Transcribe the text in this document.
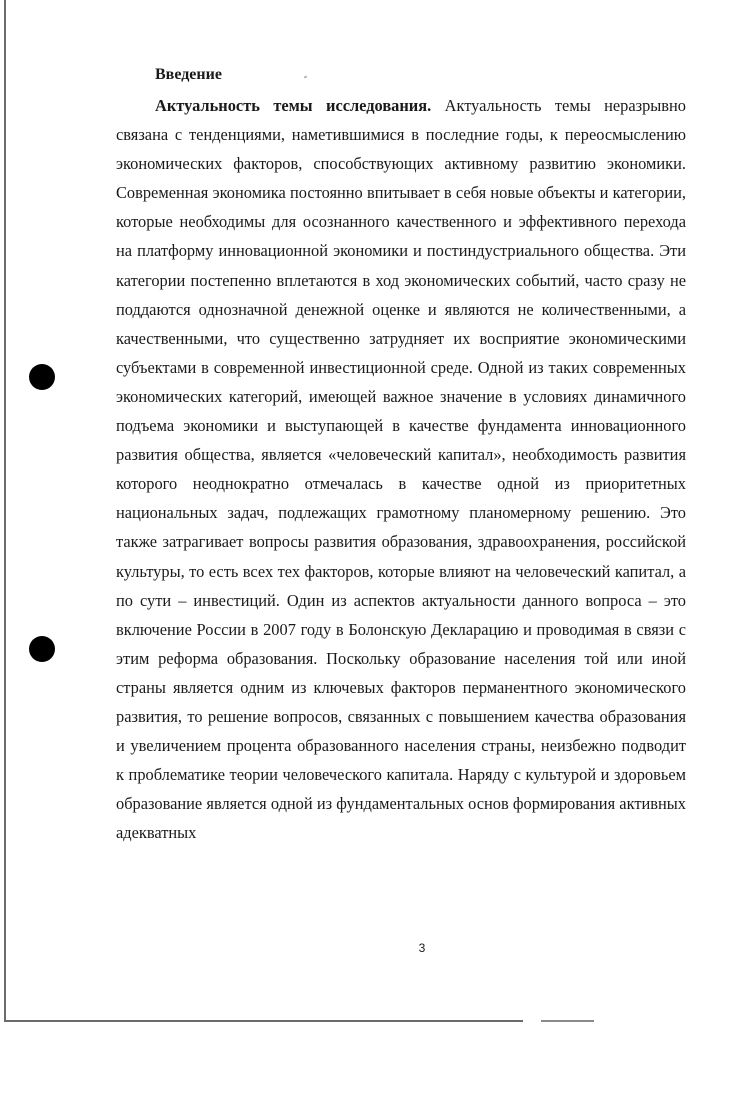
Введение

Актуальность темы исследования. Актуальность темы неразрывно связана с тенденциями, наметившимися в последние годы, к переосмыслению экономических факторов, способствующих активному развитию экономики. Современная экономика постоянно впитывает в себя новые объекты и категории, которые необходимы для осознанного качественного и эффективного перехода на платформу инновационной экономики и постиндустриального общества. Эти категории постепенно вплетаются в ход экономических событий, часто сразу не поддаются однозначной денежной оценке и являются не количественными, а качественными, что существенно затрудняет их восприятие экономическими субъектами в современной инвестиционной среде. Одной из таких современных экономических категорий, имеющей важное значение в условиях динамичного подъема экономики и выступающей в качестве фундамента инновационного развития общества, является «человеческий капитал», необходимость развития которого неоднократно отмечалась в качестве одной из приоритетных национальных задач, подлежащих грамотному планомерному решению. Это также затрагивает вопросы развития образования, здравоохранения, российской культуры, то есть всех тех факторов, которые влияют на человеческий капитал, а по сути – инвестиций. Один из аспектов актуальности данного вопроса – это включение России в 2007 году в Болонскую Декларацию и проводимая в связи с этим реформа образования. Поскольку образование населения той или иной страны является одним из ключевых факторов перманентного экономического развития, то решение вопросов, связанных с повышением качества образования и увеличением процента образованного населения страны, неизбежно подводит к проблематике теории человеческого капитала. Наряду с культурой и здоровьем образование является одной из фундаментальных основ формирования активных адекватных

3
